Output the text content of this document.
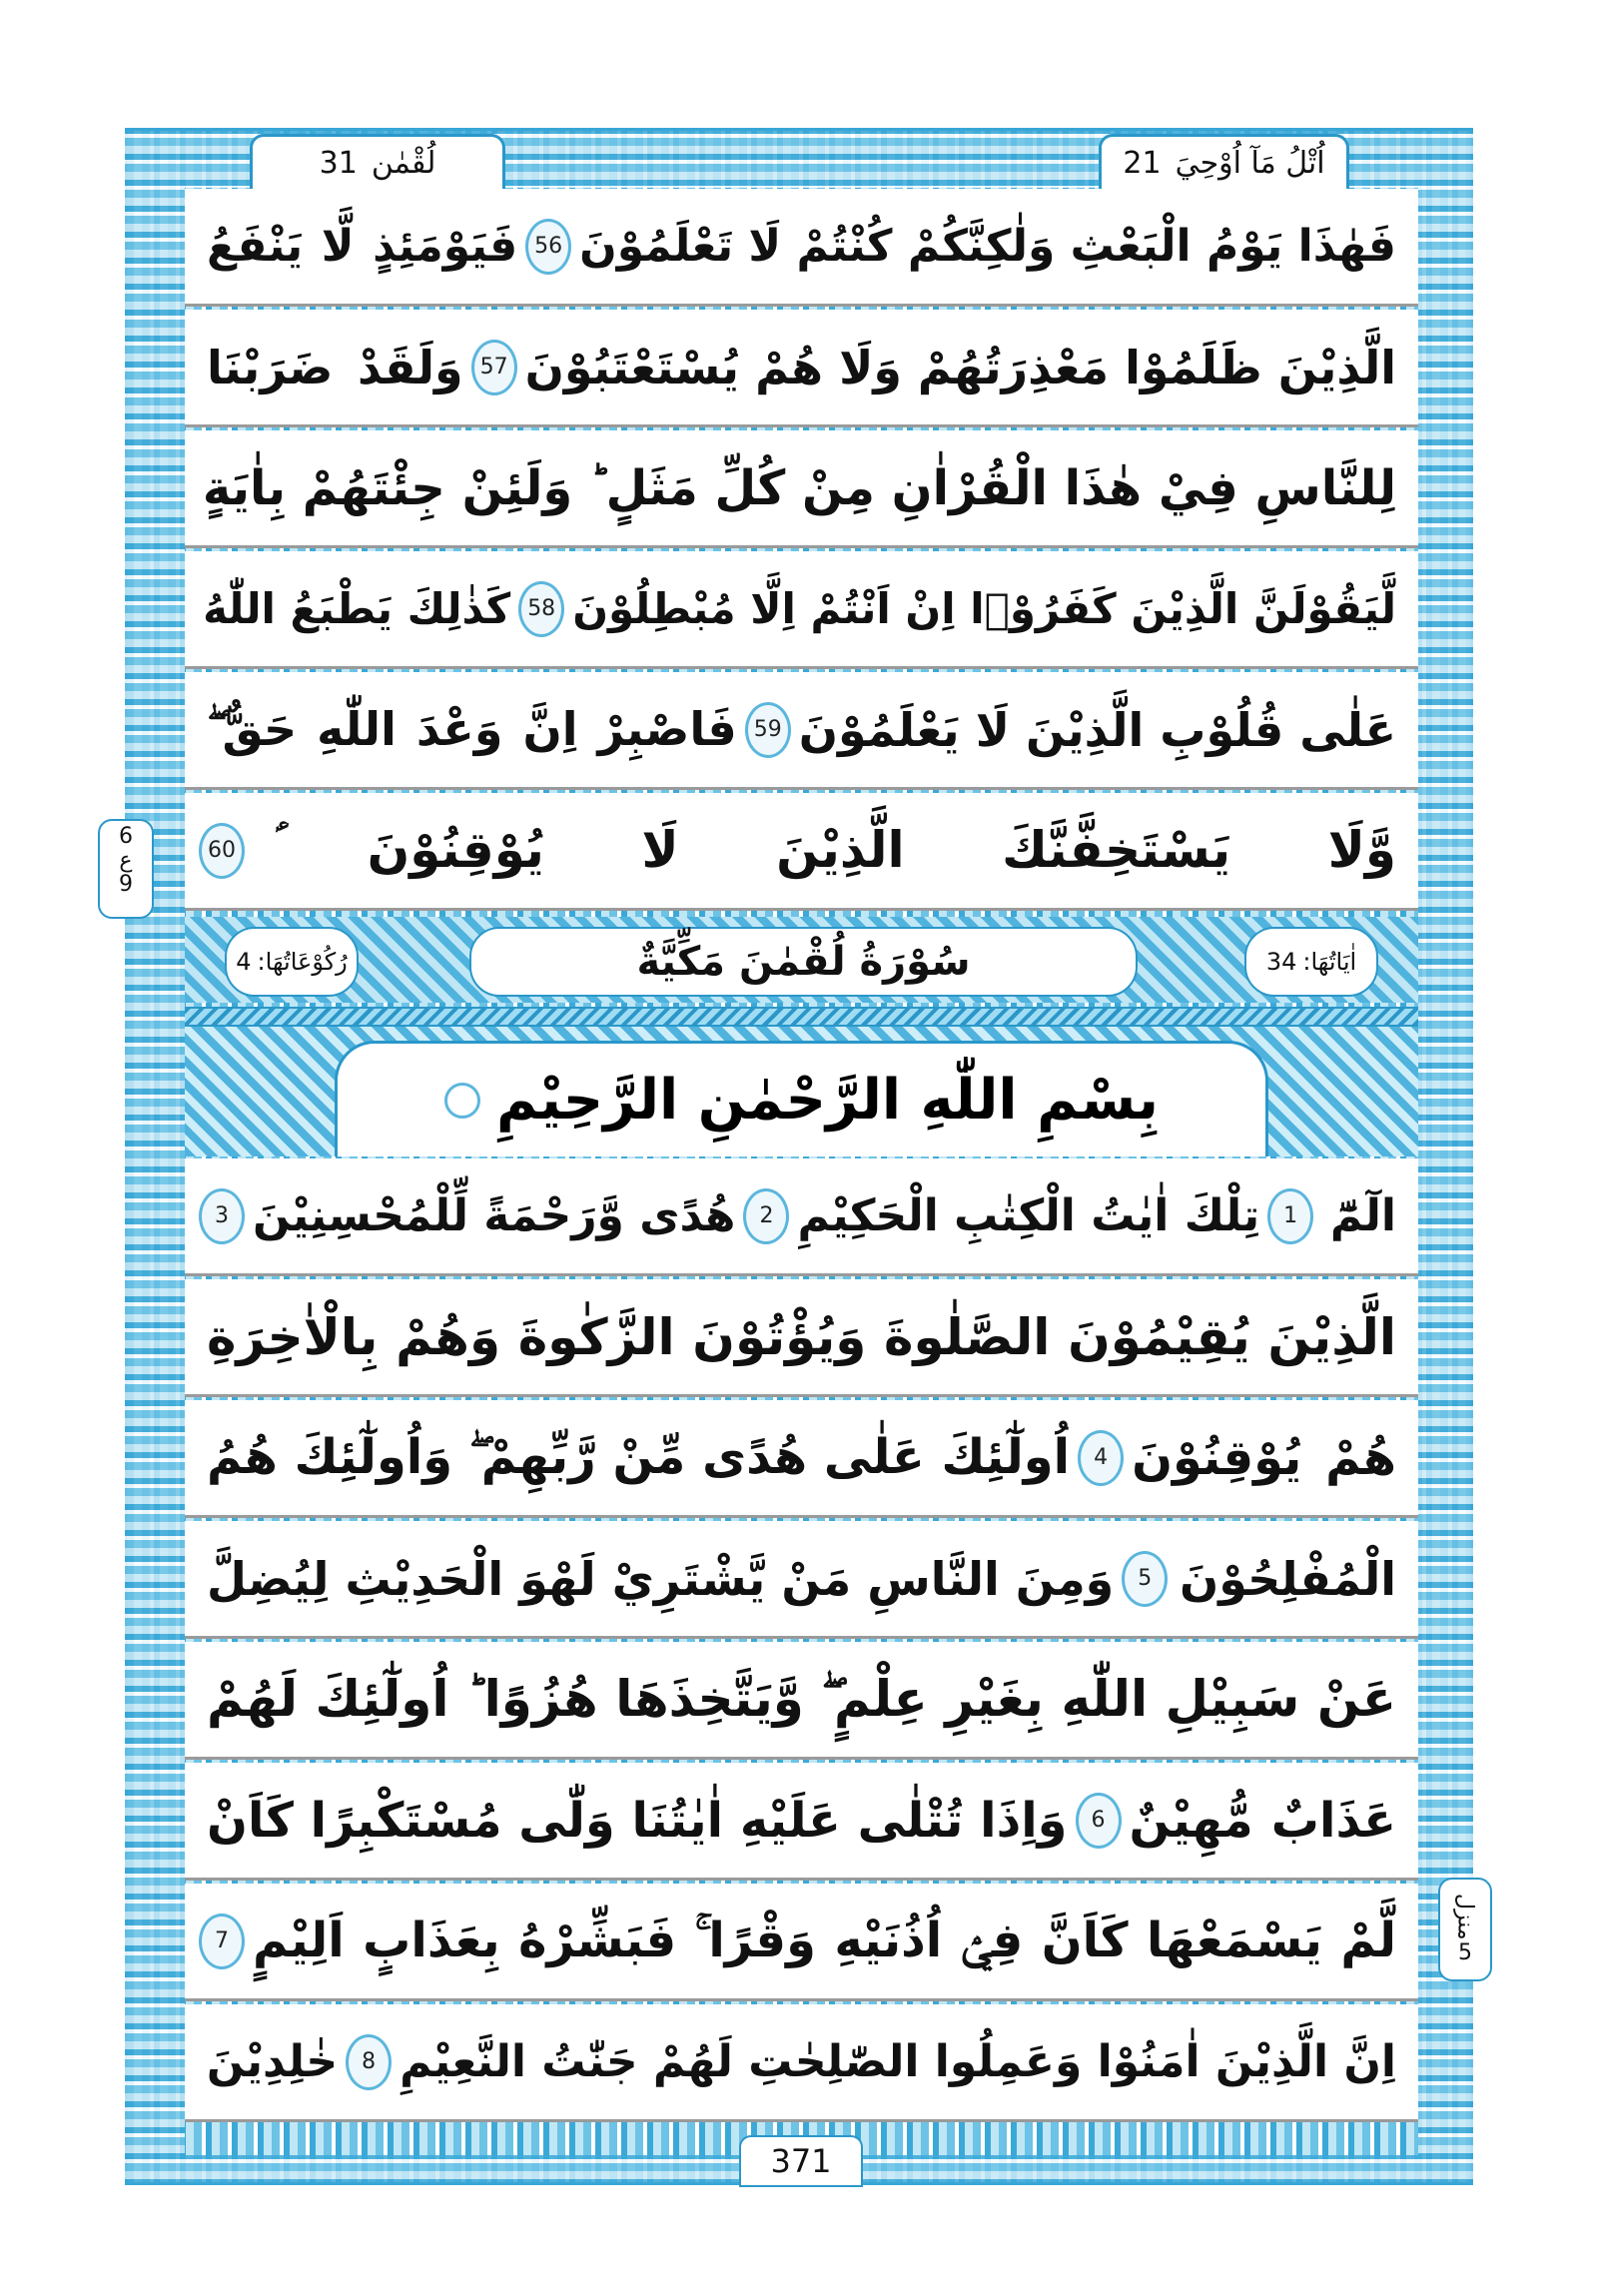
لُقْمٰن
31	اُتْلُ مَآ اُوْحِيَ
21
فَهٰذَا يَوْمُ الْبَعْثِ وَلٰكِنَّكُمْ كُنْتُمْ لَا تَعْلَمُوْنَ
56
فَيَوْمَئِذٍ لَّا يَنْفَعُ
الَّذِيْنَ ظَلَمُوْا مَعْذِرَتُهُمْ وَلَا هُمْ يُسْتَعْتَبُوْنَ
57
وَلَقَدْ ضَرَبْنَا
لِلنَّاسِ فِيْ هٰذَا الْقُرْاٰنِ مِنْ كُلِّ مَثَلٍ ؕ وَلَئِنْ جِئْتَهُمْ بِاٰيَةٍ
لَّيَقُوْلَنَّ الَّذِيْنَ كَفَرُوْۤا اِنْ اَنْتُمْ اِلَّا مُبْطِلُوْنَ
58
كَذٰلِكَ يَطْبَعُ اللّٰهُ
عَلٰى قُلُوْبِ الَّذِيْنَ لَا يَعْلَمُوْنَ
59
فَاصْبِرْ اِنَّ وَعْدَ اللّٰهِ حَقٌّ ۖ
وَّلَا يَسْتَخِفَّنَّكَ الَّذِيْنَ لَا يُوْقِنُوْنَ ؑ
60
رُكُوْعَاتُهَا:
4	سُوْرَةُ لُقْمٰنَ مَكِّيَّةٌ	اٰيَاتُهَا:
34
بِسْمِ اللّٰهِ الرَّحْمٰنِ الرَّحِيْمِ
الٓمّٓ
1
تِلْكَ اٰيٰتُ الْكِتٰبِ الْحَكِيْمِ
2
هُدًى وَّرَحْمَةً لِّلْمُحْسِنِيْنَ
3
الَّذِيْنَ يُقِيْمُوْنَ الصَّلٰوةَ وَيُؤْتُوْنَ الزَّكٰوةَ وَهُمْ بِالْاٰخِرَةِ
هُمْ يُوْقِنُوْنَ
4
اُولٰٓئِكَ عَلٰى هُدًى مِّنْ رَّبِّهِمْ ۖ وَاُولٰٓئِكَ هُمُ
الْمُفْلِحُوْنَ
5
وَمِنَ النَّاسِ مَنْ يَّشْتَرِيْ لَهْوَ الْحَدِيْثِ لِيُضِلَّ
عَنْ سَبِيْلِ اللّٰهِ بِغَيْرِ عِلْمٍ ۖ وَّيَتَّخِذَهَا هُزُوًا ؕ اُولٰٓئِكَ لَهُمْ
عَذَابٌ مُّهِيْنٌ
6
وَاِذَا تُتْلٰى عَلَيْهِ اٰيٰتُنَا وَلّٰى مُسْتَكْبِرًا كَاَنْ
لَّمْ يَسْمَعْهَا كَاَنَّ فِيْۤ اُذُنَيْهِ وَقْرًا ۚ فَبَشِّرْهُ بِعَذَابٍ اَلِيْمٍ
7
اِنَّ الَّذِيْنَ اٰمَنُوْا وَعَمِلُوا الصّٰلِحٰتِ لَهُمْ جَنّٰتُ النَّعِيْمِ
8
خٰلِدِيْنَ
6
ع
9
منزل
5
371
